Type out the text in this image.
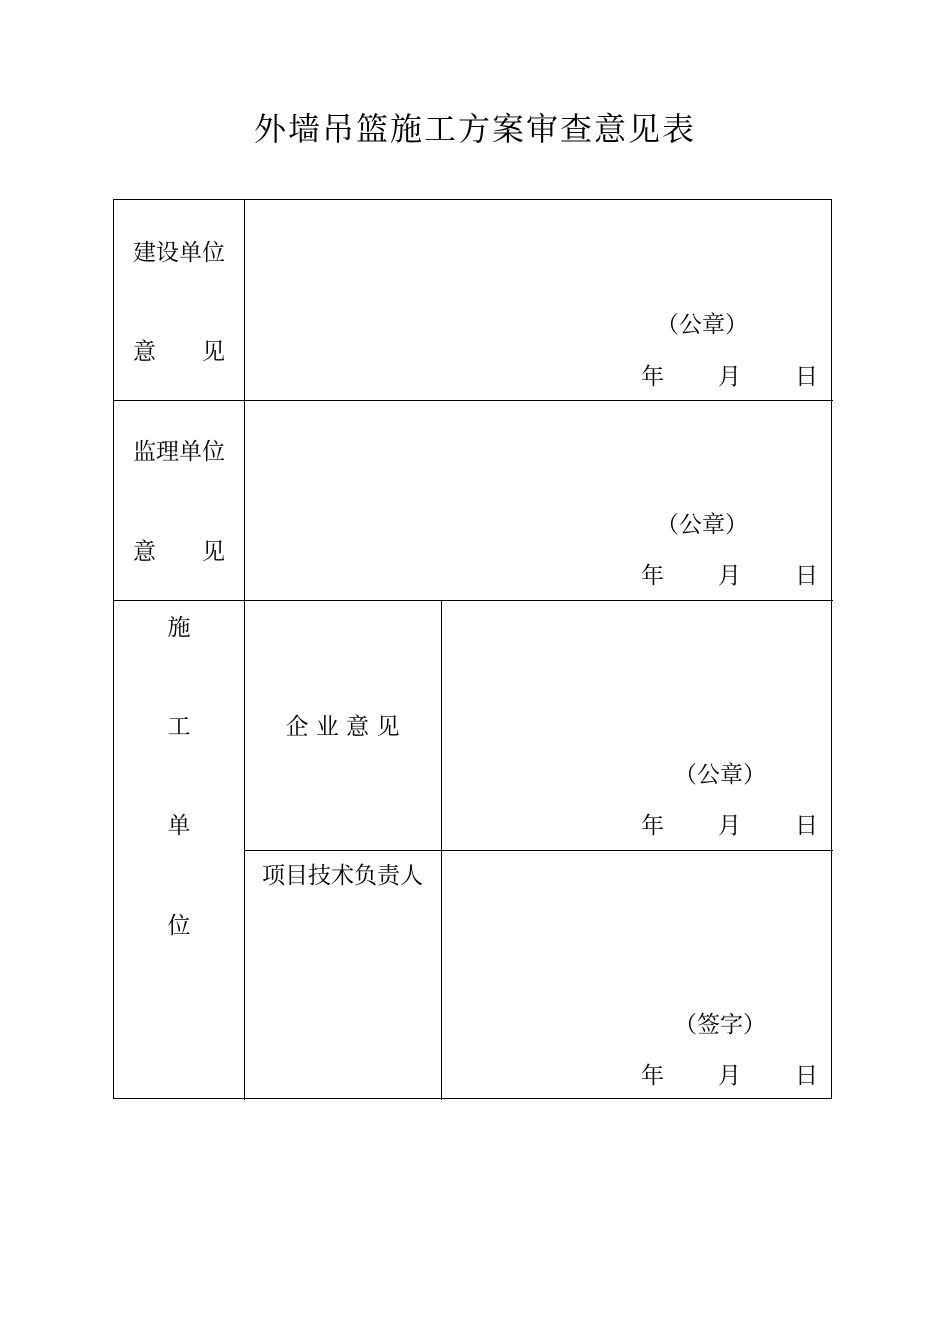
外墙吊篮施工方案审查意见表
建设单位
意　　见
（公章）
年 月 日
监理单位
意　　见
（公章）
年 月 日
施
工
单
位
企 业 意 见
（公章）
年 月 日
项目技术负责人
（签字）
年 月 日
